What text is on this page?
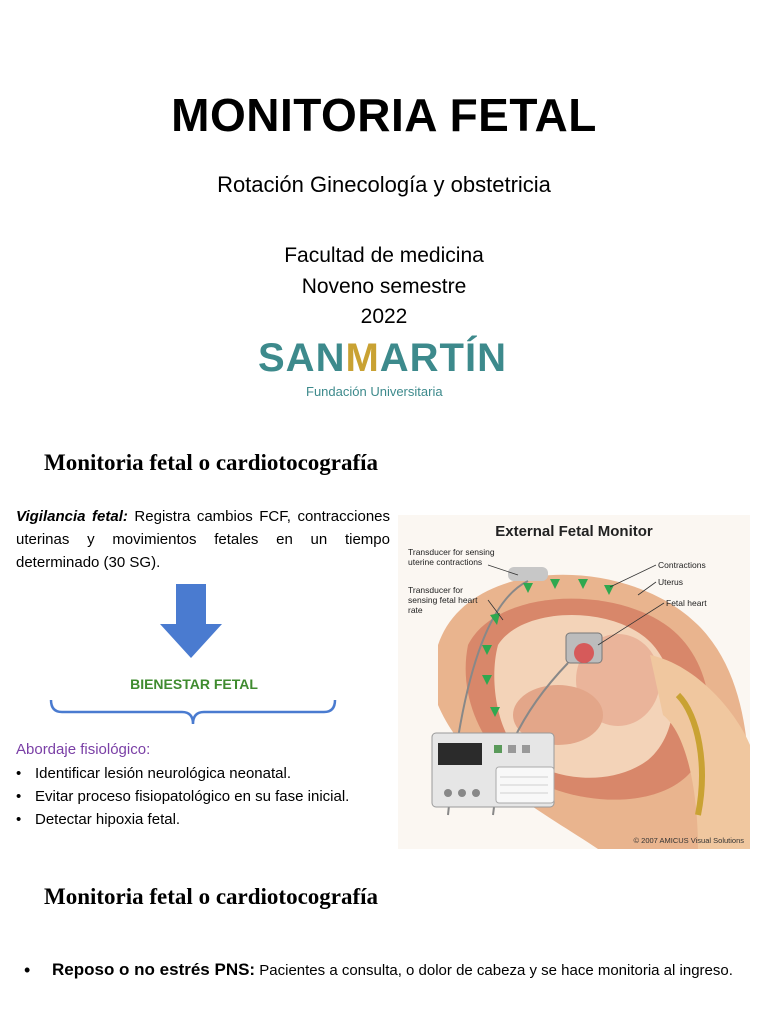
MONITORIA FETAL
Rotación Ginecología y obstetricia
Facultad de medicina
Noveno semestre
2022
SANMARTÍN
Fundación Universitaria
Monitoria fetal o cardiotocografía
Vigilancia fetal: Registra cambios FCF, contracciones uterinas y movimientos fetales en un tiempo determinado (30 SG).
BIENESTAR FETAL
Abordaje fisiológico:
• Identificar lesión neurológica neonatal.
• Evitar proceso fisiopatológico en su fase inicial.
• Detectar hipoxia fetal.
External Fetal Monitor
Transducer for sensing uterine contractions
Transducer for sensing fetal heart rate
Contractions
Uterus
Fetal heart
© 2007 AMICUS Visual Solutions
Monitoria fetal o cardiotocografía
• Reposo o no estrés PNS: Pacientes a consulta, o dolor de cabeza y se hace monitoria al ingreso.
